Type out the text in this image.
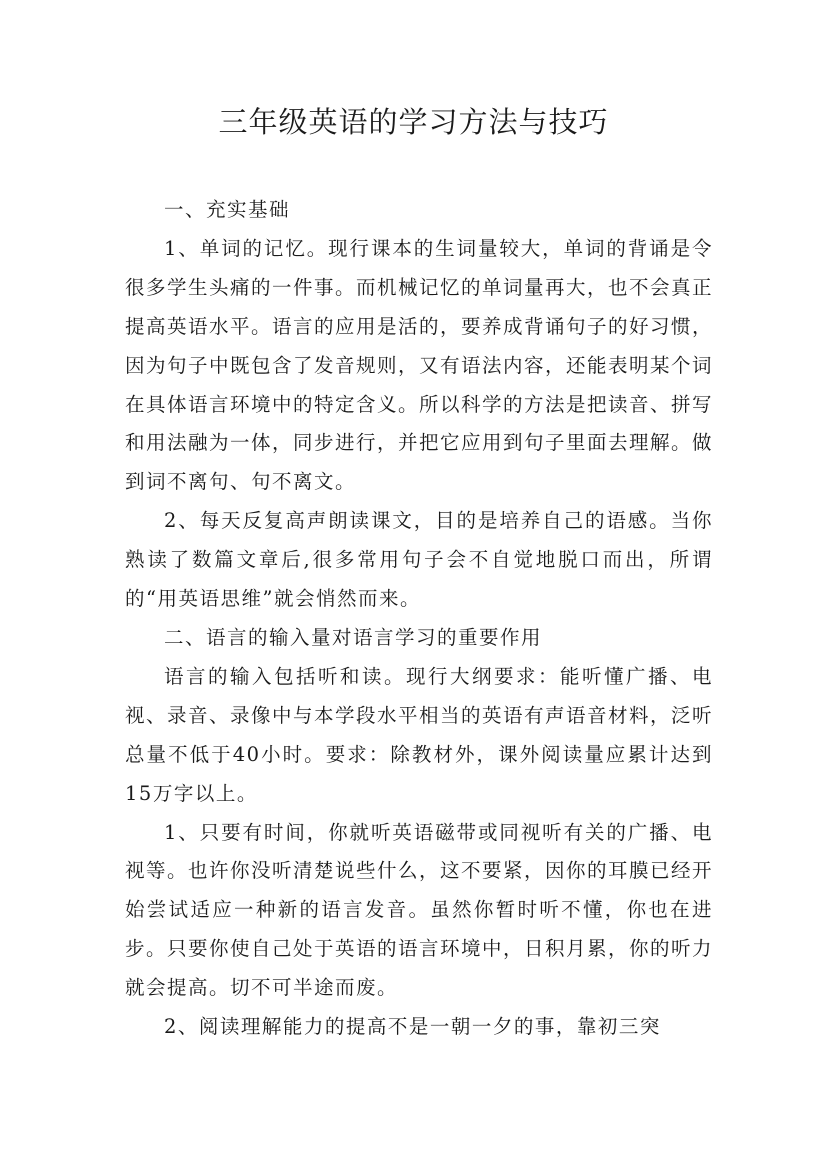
三年级英语的学习方法与技巧

一、充实基础

1、单词的记忆。现行课本的生词量较大，单词的背诵是令很多学生头痛的一件事。而机械记忆的单词量再大，也不会真正提高英语水平。语言的应用是活的，要养成背诵句子的好习惯，因为句子中既包含了发音规则，又有语法内容，还能表明某个词在具体语言环境中的特定含义。所以科学的方法是把读音、拼写和用法融为一体，同步进行，并把它应用到句子里面去理解。做到词不离句、句不离文。

2、每天反复高声朗读课文，目的是培养自己的语感。当你熟读了数篇文章后,很多常用句子会不自觉地脱口而出，所谓的“用英语思维”就会悄然而来。

二、语言的输入量对语言学习的重要作用

语言的输入包括听和读。现行大纲要求：能听懂广播、电视、录音、录像中与本学段水平相当的英语有声语音材料，泛听总量不低于40小时。要求：除教材外，课外阅读量应累计达到15万字以上。

1、只要有时间，你就听英语磁带或同视听有关的广播、电视等。也许你没听清楚说些什么，这不要紧，因你的耳膜已经开始尝试适应一种新的语言发音。虽然你暂时听不懂，你也在进步。只要你使自己处于英语的语言环境中，日积月累，你的听力就会提高。切不可半途而废。

2、阅读理解能力的提高不是一朝一夕的事，靠初三突
